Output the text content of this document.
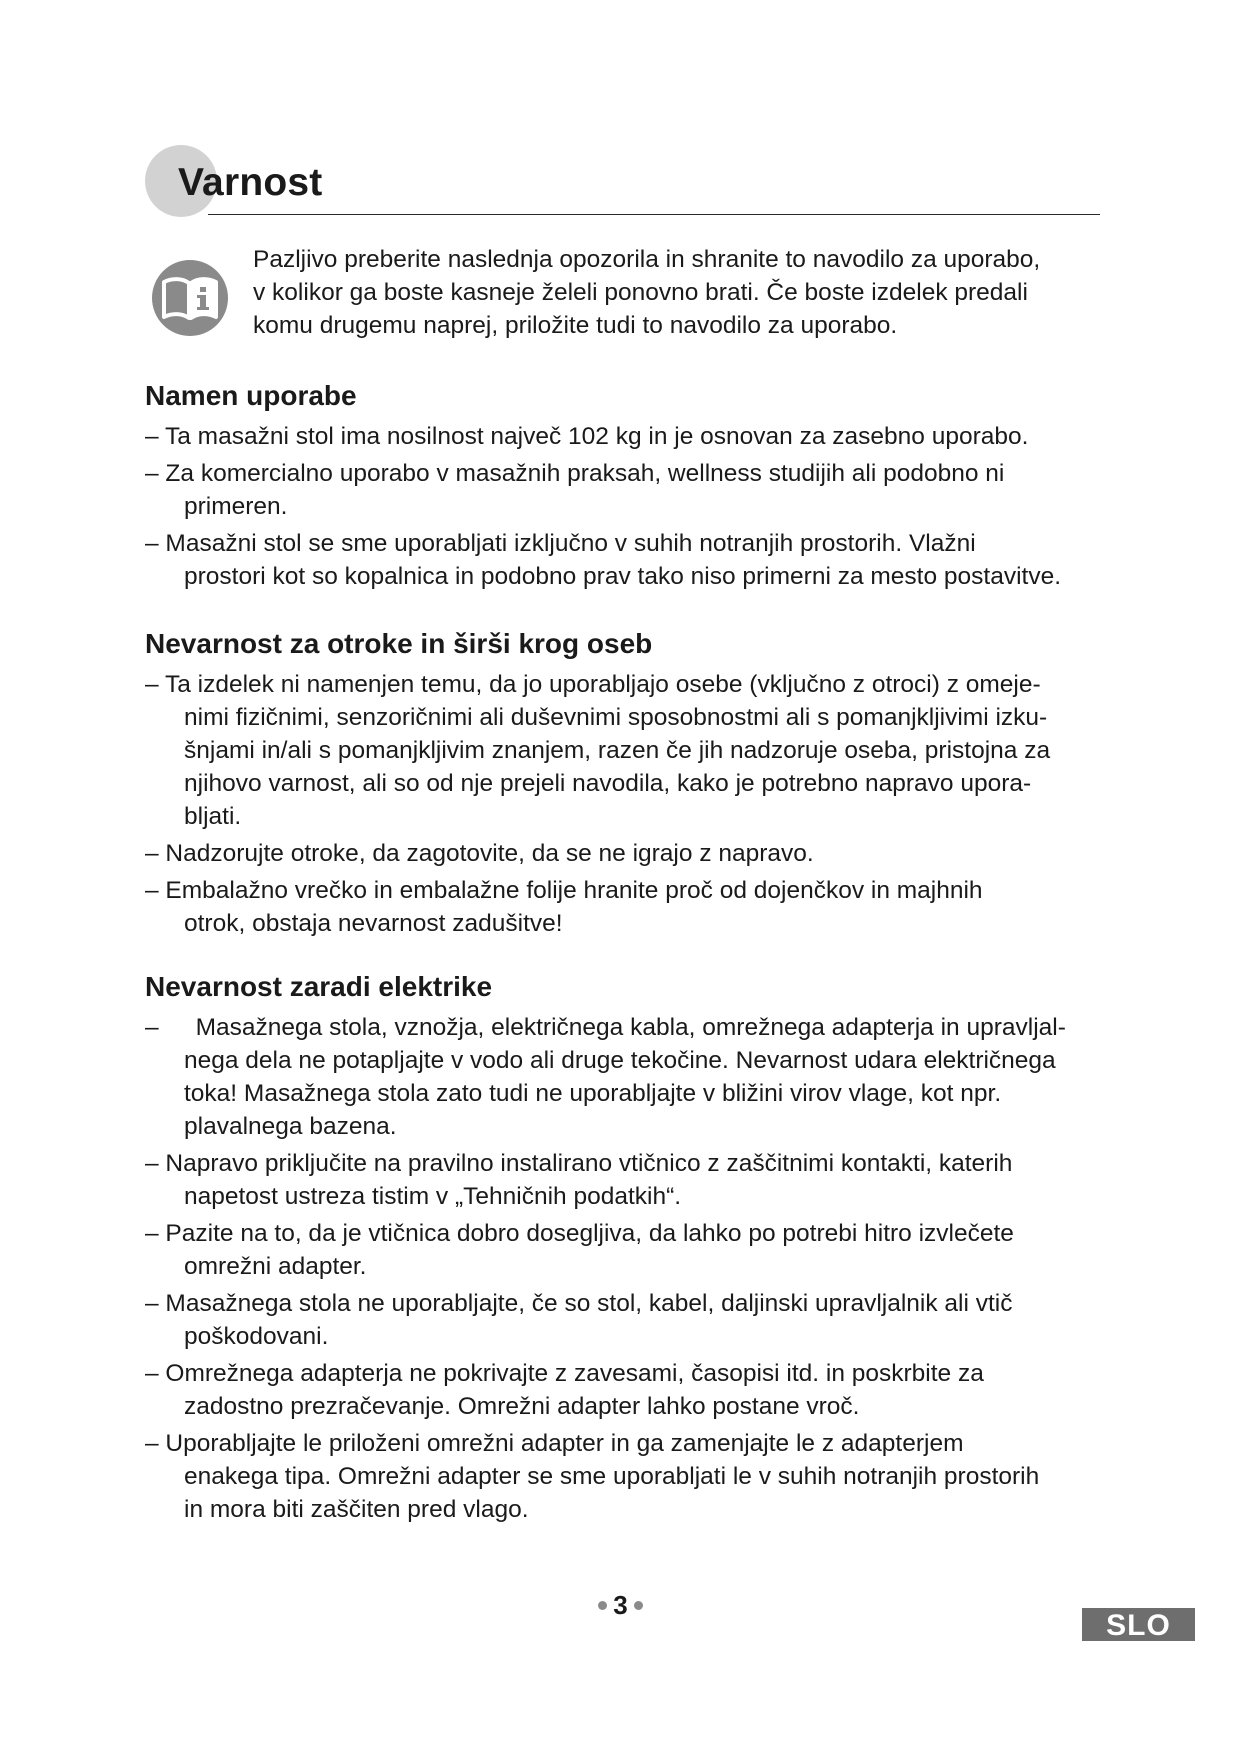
Varnost
Pazljivo preberite naslednja opozorila in shranite to navodilo za uporabo,
v kolikor ga boste kasneje želeli ponovno brati. Če boste izdelek predali
komu drugemu naprej, priložite tudi to navodilo za uporabo.
Namen uporabe
– Ta masažni stol ima nosilnost največ 102 kg in je osnovan za zasebno uporabo.
– Za komercialno uporabo v masažnih praksah, wellness studijih ali podobno ni
primeren.
– Masažni stol se sme uporabljati izključno v suhih notranjih prostorih. Vlažni
prostori kot so kopalnica in podobno prav tako niso primerni za mesto postavitve.
Nevarnost za otroke in širši krog oseb
– Ta izdelek ni namenjen temu, da jo uporabljajo osebe (vključno z otroci) z omeje-
nimi fizičnimi, senzoričnimi ali duševnimi sposobnostmi ali s pomanjkljivimi izku-
šnjami in/ali s pomanjkljivim znanjem, razen če jih nadzoruje oseba, pristojna za
njihovo varnost, ali so od nje prejeli navodila, kako je potrebno napravo upora-
bljati.
– Nadzorujte otroke, da zagotovite, da se ne igrajo z napravo.
– Embalažno vrečko in embalažne folije hranite proč od dojenčkov in majhnih
otrok, obstaja nevarnost zadušitve!
Nevarnost zaradi elektrike
– Masažnega stola, vznožja, električnega kabla, omrežnega adapterja in upravljal-
nega dela ne potapljajte v vodo ali druge tekočine. Nevarnost udara električnega
toka! Masažnega stola zato tudi ne uporabljajte v bližini virov vlage, kot npr.
plavalnega bazena.
– Napravo priključite na pravilno instalirano vtičnico z zaščitnimi kontakti, katerih
napetost ustreza tistim v „Tehničnih podatkih“.
– Pazite na to, da je vtičnica dobro dosegljiva, da lahko po potrebi hitro izvlečete
omrežni adapter.
– Masažnega stola ne uporabljajte, če so stol, kabel, daljinski upravljalnik ali vtič
poškodovani.
– Omrežnega adapterja ne pokrivajte z zavesami, časopisi itd. in poskrbite za
zadostno prezračevanje. Omrežni adapter lahko postane vroč.
– Uporabljajte le priloženi omrežni adapter in ga zamenjajte le z adapterjem
enakega tipa. Omrežni adapter se sme uporabljati le v suhih notranjih prostorih
in mora biti zaščiten pred vlago.
3
SLO
